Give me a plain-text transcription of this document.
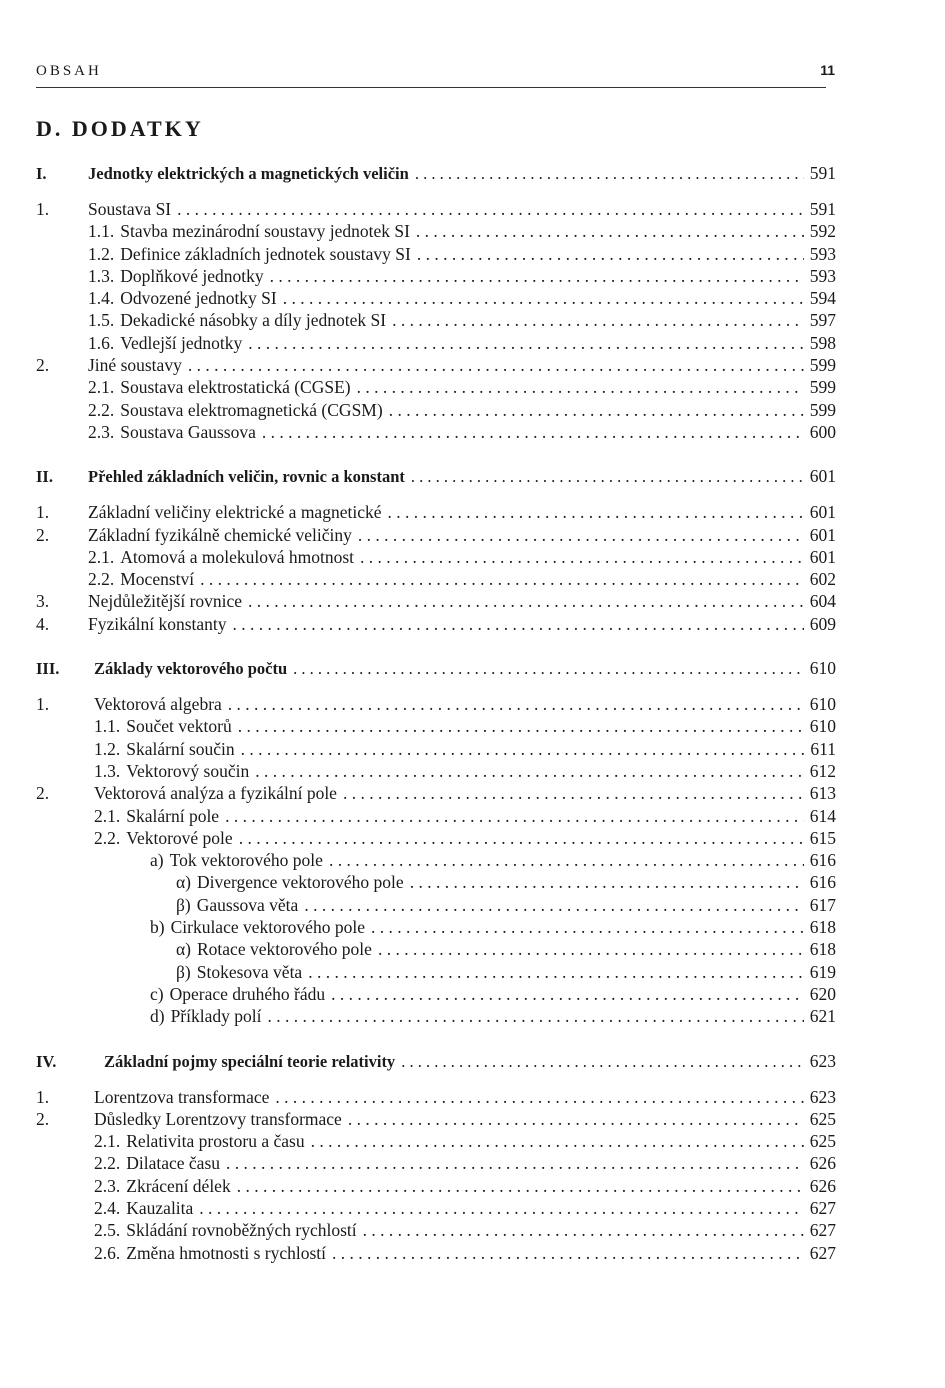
OBSAH	11
D. DODATKY
I.	Jednotky elektrických a magnetických veličin . . .	591
1.	Soustava SI . . .	591
1.1. Stavba mezinárodní soustavy jednotek SI . . .	592
1.2. Definice základních jednotek soustavy SI . . .	593
1.3. Doplňkové jednotky . . .	593
1.4. Odvozené jednotky SI . . .	594
1.5. Dekadické násobky a díly jednotek SI . . .	597
1.6. Vedlejší jednotky . . .	598
2.	Jiné soustavy . . .	599
2.1. Soustava elektrostatická (CGSE) . . .	599
2.2. Soustava elektromagnetická (CGSM) . . .	599
2.3. Soustava Gaussova . . .	600
II.	Přehled základních veličin, rovnic a konstant . . .	601
1.	Základní veličiny elektrické a magnetické . . .	601
2.	Základní fyzikálně chemické veličiny . . .	601
2.1. Atomová a molekulová hmotnost . . .	601
2.2. Mocenství . . .	602
3.	Nejdůležitější rovnice . . .	604
4.	Fyzikální konstanty . . .	609
III.	Základy vektorového počtu . . .	610
1.	Vektorová algebra . . .	610
1.1. Součet vektorů . . .	610
1.2. Skalární součin . . .	611
1.3. Vektorový součin . . .	612
2.	Vektorová analýza a fyzikální pole . . .	613
2.1. Skalární pole . . .	614
2.2. Vektorové pole . . .	615
a) Tok vektorového pole . . .	616
α) Divergence vektorového pole . . .	616
β) Gaussova věta . . .	617
b) Cirkulace vektorového pole . . .	618
α) Rotace vektorového pole . . .	618
β) Stokesova věta . . .	619
c) Operace druhého řádu . . .	620
d) Příklady polí . . .	621
IV.	Základní pojmy speciální teorie relativity . . .	623
1.	Lorentzova transformace . . .	623
2.	Důsledky Lorentzovy transformace . . .	625
2.1. Relativita prostoru a času . . .	625
2.2. Dilatace času . . .	626
2.3. Zkrácení délek . . .	626
2.4. Kauzalita . . .	627
2.5. Skládání rovnoběžných rychlostí . . .	627
2.6. Změna hmotnosti s rychlostí . . .	627
